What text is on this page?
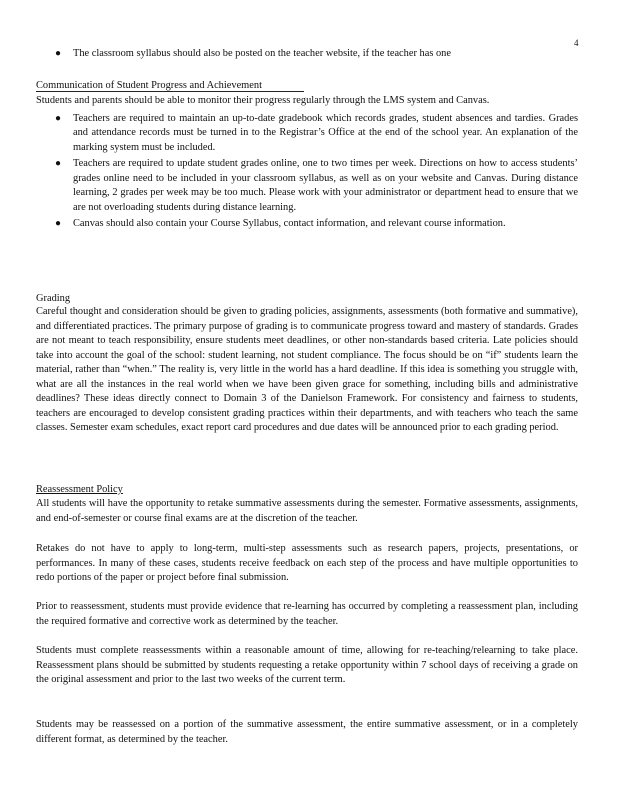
4
● The classroom syllabus should also be posted on the teacher website, if the teacher has one
Communication of Student Progress and Achievement
Students and parents should be able to monitor their progress regularly through the LMS system and Canvas.
● Teachers are required to maintain an up-to-date gradebook which records grades, student absences and tardies. Grades and attendance records must be turned in to the Registrar’s Office at the end of the school year. An explanation of the marking system must be included.
● Teachers are required to update student grades online, one to two times per week. Directions on how to access students’ grades online need to be included in your classroom syllabus, as well as on your website and Canvas. During distance learning, 2 grades per week may be too much. Please work with your administrator or department head to ensure that we are not overloading students during distance learning.
● Canvas should also contain your Course Syllabus, contact information, and relevant course information.
Grading
Careful thought and consideration should be given to grading policies, assignments, assessments (both formative and summative), and differentiated practices. The primary purpose of grading is to communicate progress toward and mastery of standards. Grades are not meant to teach responsibility, ensure students meet deadlines, or other non-standards based criteria. Late policies should take into account the goal of the school: student learning, not student compliance. The focus should be on “if” students learn the material, rather than “when.” The reality is, very little in the world has a hard deadline. If this idea is something you struggle with, what are all the instances in the real world when we have been given grace for something, including bills and administrative deadlines? These ideas directly connect to Domain 3 of the Danielson Framework. For consistency and fairness to students, teachers are encouraged to develop consistent grading practices within their departments, and with teachers who teach the same classes. Semester exam schedules, exact report card procedures and due dates will be announced prior to each grading period.
Reassessment Policy
All students will have the opportunity to retake summative assessments during the semester. Formative assessments, assignments, and end-of-semester or course final exams are at the discretion of the teacher.
Retakes do not have to apply to long-term, multi-step assessments such as research papers, projects, presentations, or performances. In many of these cases, students receive feedback on each step of the process and have multiple opportunities to redo portions of the paper or project before final submission.
Prior to reassessment, students must provide evidence that re-learning has occurred by completing a reassessment plan, including the required formative and corrective work as determined by the teacher.
Students must complete reassessments within a reasonable amount of time, allowing for re-teaching/relearning to take place. Reassessment plans should be submitted by students requesting a retake opportunity within 7 school days of receiving a grade on the original assessment and prior to the last two weeks of the current term.
Students may be reassessed on a portion of the summative assessment, the entire summative assessment, or in a completely different format, as determined by the teacher.
